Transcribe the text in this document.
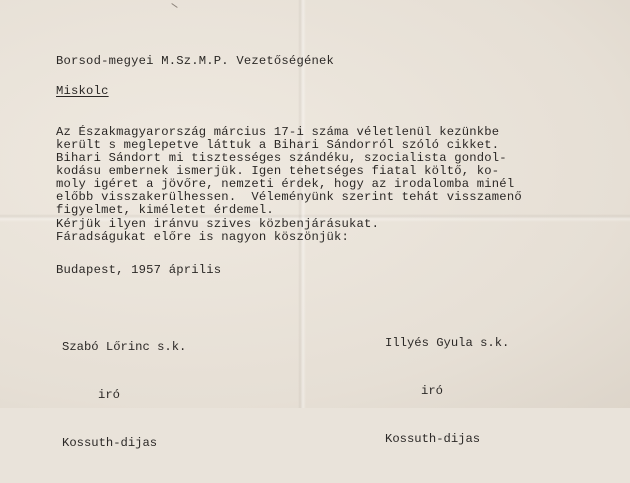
Borsod-megyei M.Sz.M.P. Vezetőségének
Miskolc
Az Északmagyarország március 17-i száma véletlenül kezünkbe
került s meglepetve láttuk a Bihari Sándorról szóló cikket.
Bihari Sándort mi tisztességes szándéku, szocialista gondol-
kodásu embernek ismerjük. Igen tehetséges fiatal költő, ko-
moly igéret a jövőre, nemzeti érdek, hogy az irodalomba minél
előbb visszakerülhessen.  Véleményünk szerint tehát visszamenő
figyelmet, kiméletet érdemel.
Kérjük ilyen iránvu szives közbenjárásukat.
Fáradságukat előre is nagyon köszönjük:
Budapest, 1957 április

Szabó Lőrinc s.k.

iró

Kossuth-dijas

Illyés Gyula s.k.

iró

Kossuth-dijas
